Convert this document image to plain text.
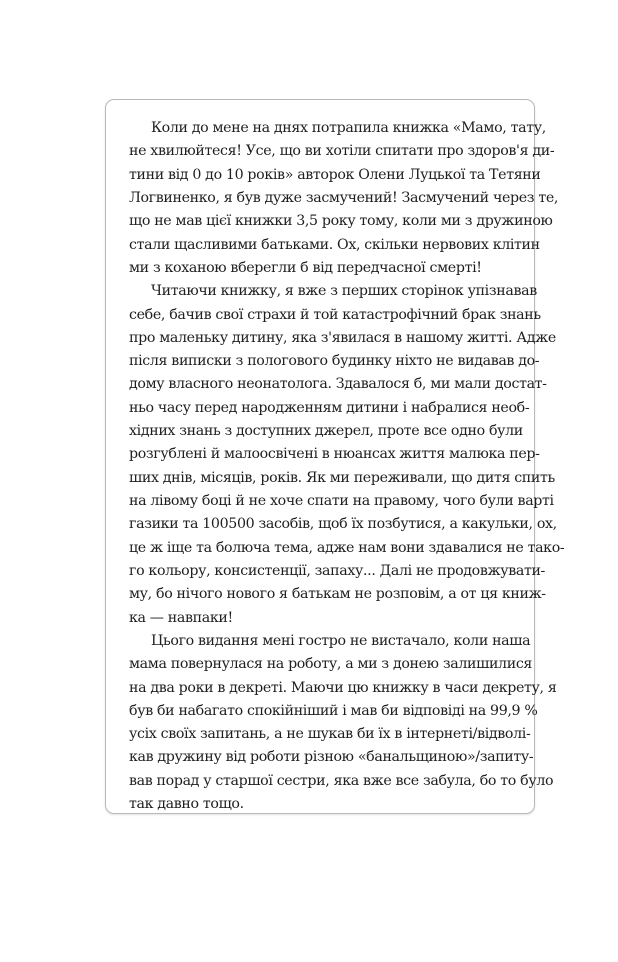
Коли до мене на днях потрапила книжка «Мамо, тату,
не хвилюйтеся! Усе, що ви хотіли спитати про здоров'я ди-
тини від 0 до 10 років» авторок Олени Луцької та Тетяни
Логвиненко, я був дуже засмучений! Засмучений через те,
що не мав цієї книжки 3,5 року тому, коли ми з дружиною
стали щасливими батьками. Ох, скільки нервових клітин
ми з коханою вберегли б від передчасної смерті!
Читаючи книжку, я вже з перших сторінок упізнавав
себе, бачив свої страхи й той катастрофічний брак знань
про маленьку дитину, яка з'явилася в нашому житті. Адже
після виписки з пологового будинку ніхто не видавав до-
дому власного неонатолога. Здавалося б, ми мали достат-
ньо часу перед народженням дитини і набралися необ-
хідних знань з доступних джерел, проте все одно були
розгублені й малоосвічені в нюансах життя малюка пер-
ших днів, місяців, років. Як ми переживали, що дитя спить
на лівому боці й не хоче спати на правому, чого були варті
газики та 100500 засобів, щоб їх позбутися, а какульки, ох,
це ж іще та болюча тема, адже нам вони здавалися не тако-
го кольору, консистенції, запаху... Далі не продовжувати-
му, бо нічого нового я батькам не розповім, а от ця книж-
ка — навпаки!
Цього видання мені гостро не вистачало, коли наша
мама повернулася на роботу, а ми з донею залишилися
на два роки в декреті. Маючи цю книжку в часи декрету, я
був би набагато спокійніший і мав би відповіді на 99,9 %
усіх своїх запитань, а не шукав би їх в інтернеті/відволі-
кав дружину від роботи різною «банальщиною»/запиту-
вав порад у старшої сестри, яка вже все забула, бо то було
так давно тощо.
